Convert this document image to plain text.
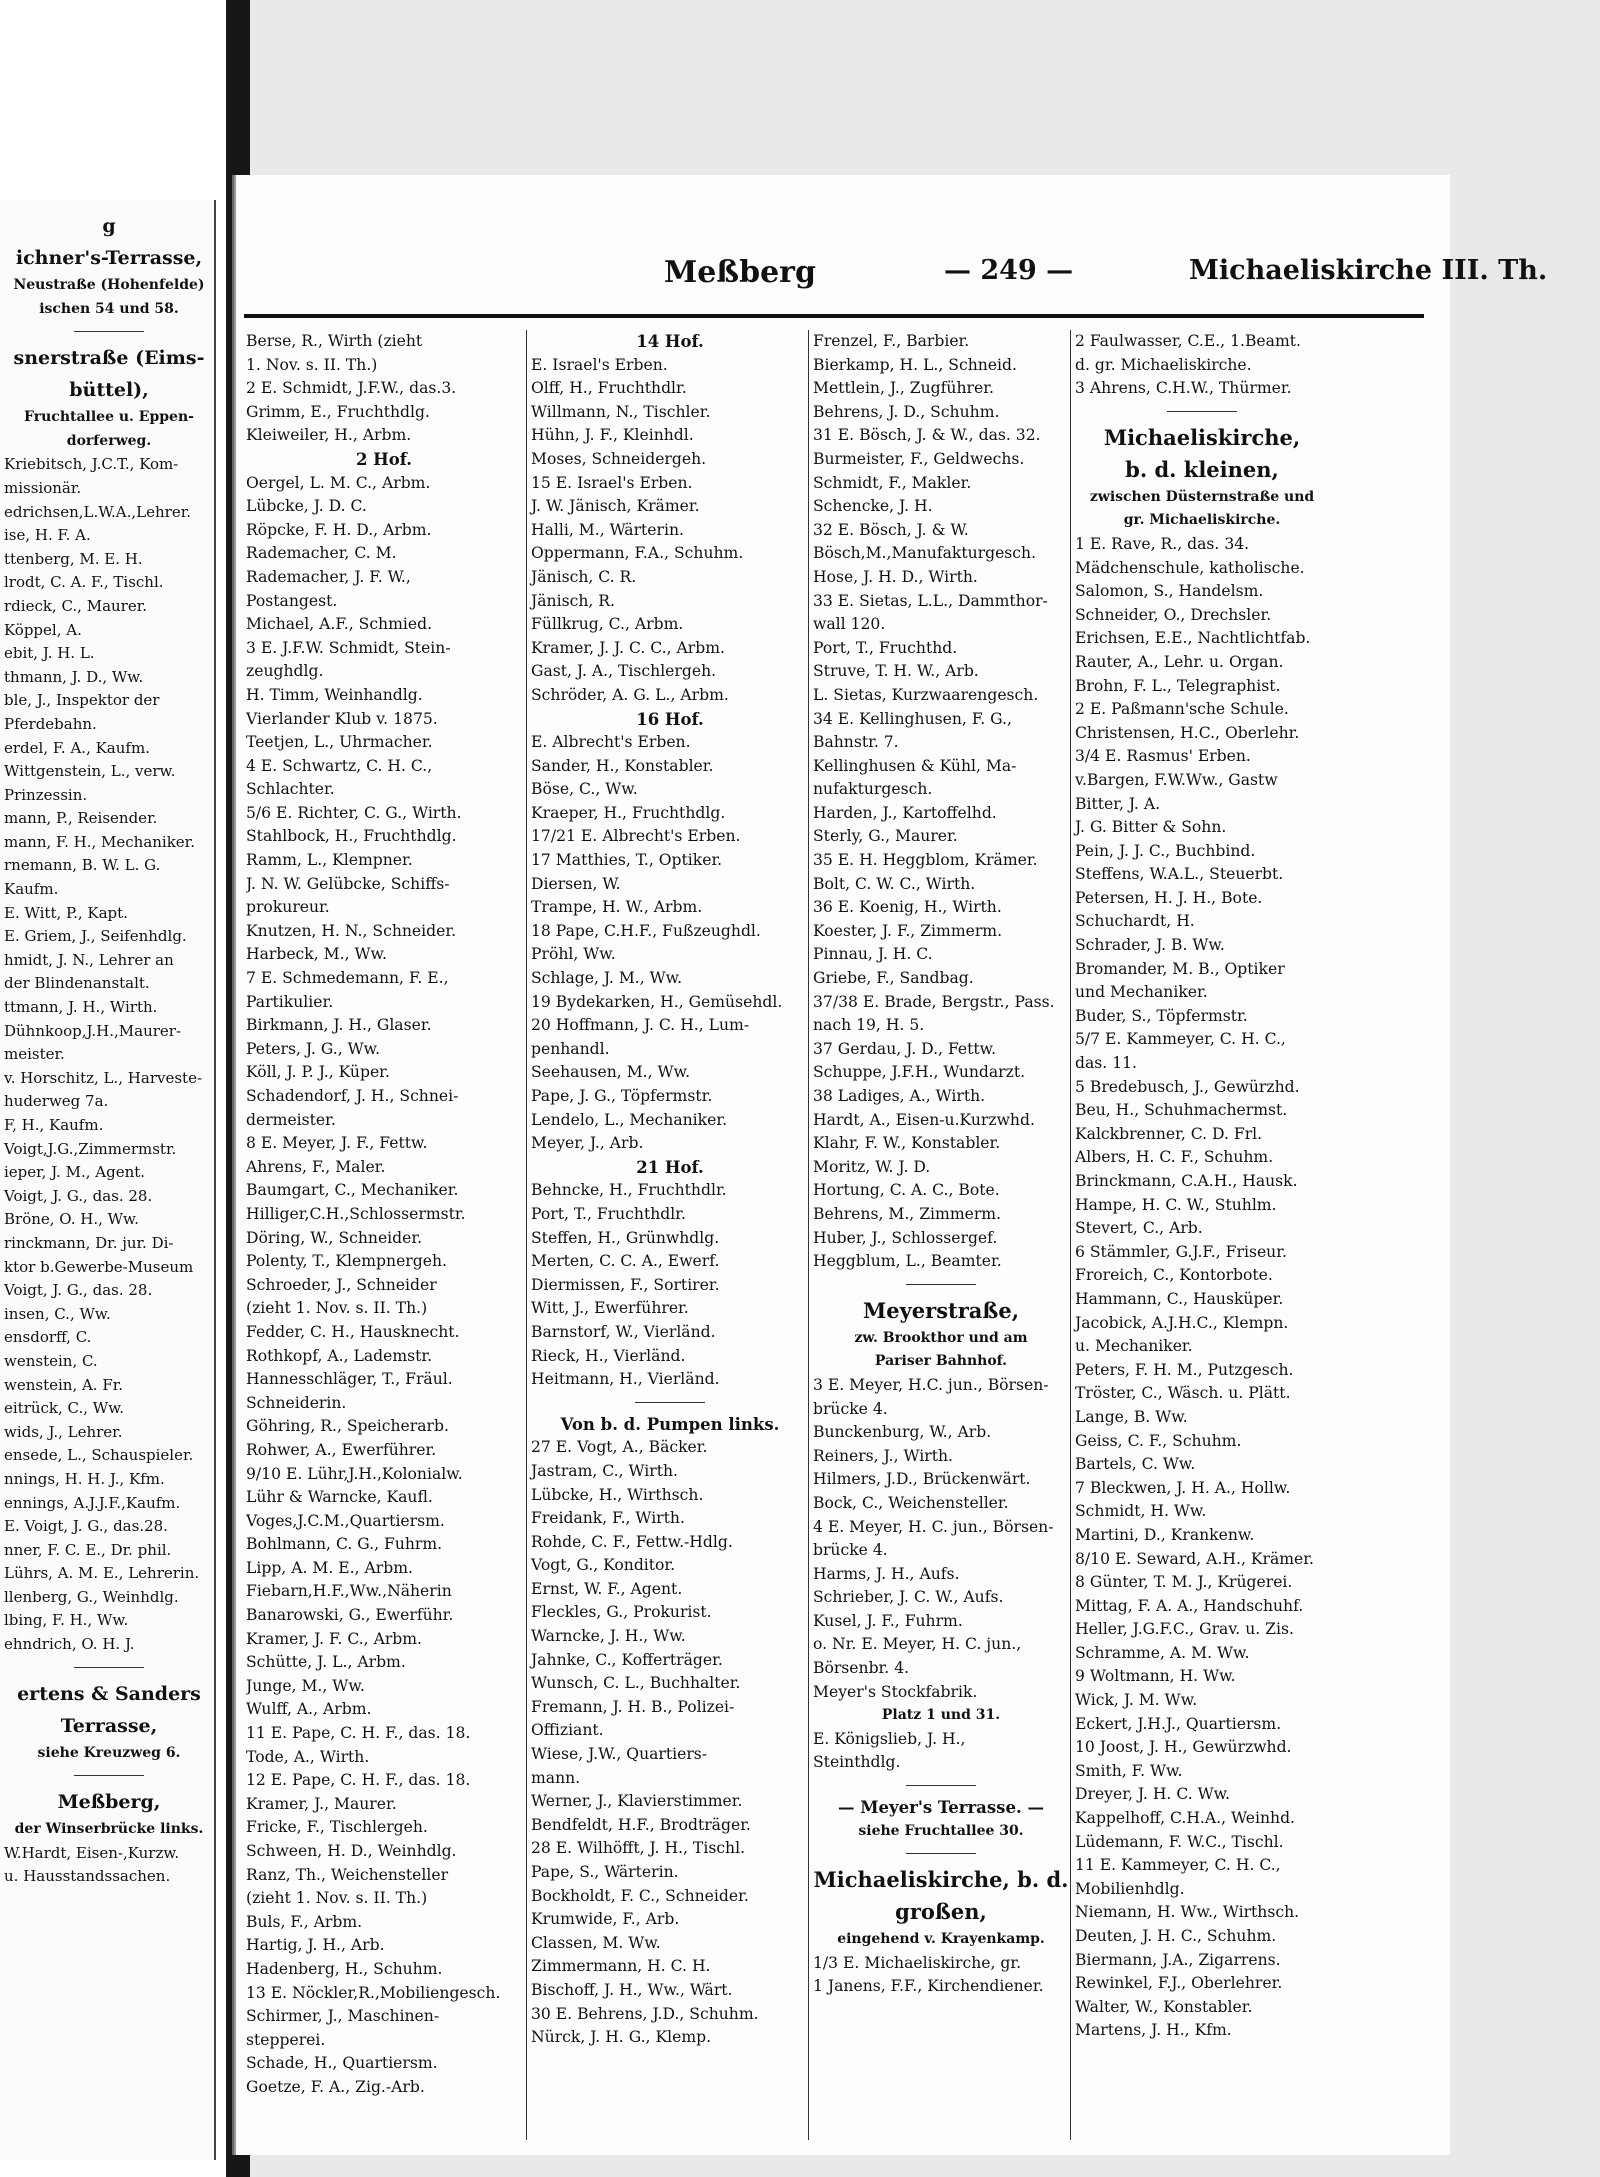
g
ichner's-Terrasse,
Neustraße (Hohenfelde)
ischen 54 und 58.
snerstraße (Eims-
büttel),
Fruchtallee u. Eppen-
dorferweg.
Kriebitsch, J.C.T., Kom-
missionär.
edrichsen,L.W.A.,Lehrer.
ise, H. F. A.
ttenberg, M. E. H.
lrodt, C. A. F., Tischl.
rdieck, C., Maurer.
Köppel, A.
ebit, J. H. L.
thmann, J. D., Ww.
ble, J., Inspektor der
Pferdebahn.
erdel, F. A., Kaufm.
Wittgenstein, L., verw.
Prinzessin.
mann, P., Reisender.
mann, F. H., Mechaniker.
rnemann, B. W. L. G.
Kaufm.
E. Witt, P., Kapt.
E. Griem, J., Seifenhdlg.
hmidt, J. N., Lehrer an
der Blindenanstalt.
ttmann, J. H., Wirth.
Dühnkoop,J.H.,Maurer-
meister.
v. Horschitz, L., Harveste-
huderweg 7a.
F, H., Kaufm.
Voigt,J.G.,Zimmermstr.
ieper, J. M., Agent.
Voigt, J. G., das. 28.
Bröne, O. H., Ww.
rinckmann, Dr. jur. Di-
ktor b.Gewerbe-Museum
Voigt, J. G., das. 28.
insen, C., Ww.
ensdorff, C.
wenstein, C.
wenstein, A. Fr.
eitrück, C., Ww.
wids, J., Lehrer.
ensede, L., Schauspieler.
nnings, H. H. J., Kfm.
ennings, A.J.J.F.,Kaufm.
E. Voigt, J. G., das.28.
nner, F. C. E., Dr. phil.
Lührs, A. M. E., Lehrerin.
llenberg, G., Weinhdlg.
lbing, F. H., Ww.
ehndrich, O. H. J.
ertens & Sanders
Terrasse,
siehe Kreuzweg 6.
Meßberg,
der Winserbrücke links.
W.Hardt, Eisen-,Kurzw.
u. Hausstandssachen.
Meßberg	— 249 —	Michaeliskirche III. Th.
Berse, R., Wirth (zieht
1. Nov. s. II. Th.)
2 E. Schmidt, J.F.W., das.3.
Grimm, E., Fruchthdlg.
Kleiweiler, H., Arbm.
2 Hof.
Oergel, L. M. C., Arbm.
Lübcke, J. D. C.
Röpcke, F. H. D., Arbm.
Rademacher, C. M.
Rademacher, J. F. W.,
Postangest.
Michael, A.F., Schmied.
3 E. J.F.W. Schmidt, Stein-
zeughdlg.
H. Timm, Weinhandlg.
Vierlander Klub v. 1875.
Teetjen, L., Uhrmacher.
4 E. Schwartz, C. H. C.,
Schlachter.
5/6 E. Richter, C. G., Wirth.
Stahlbock, H., Fruchthdlg.
Ramm, L., Klempner.
J. N. W. Gelübcke, Schiffs-
prokureur.
Knutzen, H. N., Schneider.
Harbeck, M., Ww.
7 E. Schmedemann, F. E.,
Partikulier.
Birkmann, J. H., Glaser.
Peters, J. G., Ww.
Köll, J. P. J., Küper.
Schadendorf, J. H., Schnei-
dermeister.
8 E. Meyer, J. F., Fettw.
Ahrens, F., Maler.
Baumgart, C., Mechaniker.
Hilliger,C.H.,Schlossermstr.
Döring, W., Schneider.
Polenty, T., Klempnergeh.
Schroeder, J., Schneider
(zieht 1. Nov. s. II. Th.)
Fedder, C. H., Hausknecht.
Rothkopf, A., Lademstr.
Hannesschläger, T., Fräul.
Schneiderin.
Göhring, R., Speicherarb.
Rohwer, A., Ewerführer.
9/10 E. Lühr,J.H.,Kolonialw.
Lühr & Warncke, Kaufl.
Voges,J.C.M.,Quartiersm.
Bohlmann, C. G., Fuhrm.
Lipp, A. M. E., Arbm.
Fiebarn,H.F.,Ww.,Näherin
Banarowski, G., Ewerführ.
Kramer, J. F. C., Arbm.
Schütte, J. L., Arbm.
Junge, M., Ww.
Wulff, A., Arbm.
11 E. Pape, C. H. F., das. 18.
Tode, A., Wirth.
12 E. Pape, C. H. F., das. 18.
Kramer, J., Maurer.
Fricke, F., Tischlergeh.
Schween, H. D., Weinhdlg.
Ranz, Th., Weichensteller
(zieht 1. Nov. s. II. Th.)
Buls, F., Arbm.
Hartig, J. H., Arb.
Hadenberg, H., Schuhm.
13 E. Nöckler,R.,Mobiliengesch.
Schirmer, J., Maschinen-
stepperei.
Schade, H., Quartiersm.
Goetze, F. A., Zig.-Arb.
14 Hof.
E. Israel's Erben.
Olff, H., Fruchthdlr.
Willmann, N., Tischler.
Hühn, J. F., Kleinhdl.
Moses, Schneidergeh.
15 E. Israel's Erben.
J. W. Jänisch, Krämer.
Halli, M., Wärterin.
Oppermann, F.A., Schuhm.
Jänisch, C. R.
Jänisch, R.
Füllkrug, C., Arbm.
Kramer, J. J. C. C., Arbm.
Gast, J. A., Tischlergeh.
Schröder, A. G. L., Arbm.
16 Hof.
E. Albrecht's Erben.
Sander, H., Konstabler.
Böse, C., Ww.
Kraeper, H., Fruchthdlg.
17/21 E. Albrecht's Erben.
17 Matthies, T., Optiker.
Diersen, W.
Trampe, H. W., Arbm.
18 Pape, C.H.F., Fußzeughdl.
Pröhl, Ww.
Schlage, J. M., Ww.
19 Bydekarken, H., Gemüsehdl.
20 Hoffmann, J. C. H., Lum-
penhandl.
Seehausen, M., Ww.
Pape, J. G., Töpfermstr.
Lendelo, L., Mechaniker.
Meyer, J., Arb.
21 Hof.
Behncke, H., Fruchthdlr.
Port, T., Fruchthdlr.
Steffen, H., Grünwhdlg.
Merten, C. C. A., Ewerf.
Diermissen, F., Sortirer.
Witt, J., Ewerführer.
Barnstorf, W., Vierländ.
Rieck, H., Vierländ.
Heitmann, H., Vierländ.
Von b. d. Pumpen links.
27 E. Vogt, A., Bäcker.
Jastram, C., Wirth.
Lübcke, H., Wirthsch.
Freidank, F., Wirth.
Rohde, C. F., Fettw.-Hdlg.
Vogt, G., Konditor.
Ernst, W. F., Agent.
Fleckles, G., Prokurist.
Warncke, J. H., Ww.
Jahnke, C., Kofferträger.
Wunsch, C. L., Buchhalter.
Fremann, J. H. B., Polizei-
Offiziant.
Wiese, J.W., Quartiers-
mann.
Werner, J., Klavierstimmer.
Bendfeldt, H.F., Brodträger.
28 E. Wilhöfft, J. H., Tischl.
Pape, S., Wärterin.
Bockholdt, F. C., Schneider.
Krumwide, F., Arb.
Classen, M. Ww.
Zimmermann, H. C. H.
Bischoff, J. H., Ww., Wärt.
30 E. Behrens, J.D., Schuhm.
Nürck, J. H. G., Klemp.
Frenzel, F., Barbier.
Bierkamp, H. L., Schneid.
Mettlein, J., Zugführer.
Behrens, J. D., Schuhm.
31 E. Bösch, J. & W., das. 32.
Burmeister, F., Geldwechs.
Schmidt, F., Makler.
Schencke, J. H.
32 E. Bösch, J. & W.
Bösch,M.,Manufakturgesch.
Hose, J. H. D., Wirth.
33 E. Sietas, L.L., Dammthor-
wall 120.
Port, T., Fruchthd.
Struve, T. H. W., Arb.
L. Sietas, Kurzwaarengesch.
34 E. Kellinghusen, F. G.,
Bahnstr. 7.
Kellinghusen & Kühl, Ma-
nufakturgesch.
Harden, J., Kartoffelhd.
Sterly, G., Maurer.
35 E. H. Heggblom, Krämer.
Bolt, C. W. C., Wirth.
36 E. Koenig, H., Wirth.
Koester, J. F., Zimmerm.
Pinnau, J. H. C.
Griebe, F., Sandbag.
37/38 E. Brade, Bergstr., Pass.
nach 19, H. 5.
37 Gerdau, J. D., Fettw.
Schuppe, J.F.H., Wundarzt.
38 Ladiges, A., Wirth.
Hardt, A., Eisen-u.Kurzwhd.
Klahr, F. W., Konstabler.
Moritz, W. J. D.
Hortung, C. A. C., Bote.
Behrens, M., Zimmerm.
Huber, J., Schlossergef.
Heggblum, L., Beamter.
Meyerstraße,
zw. Brookthor und am
Pariser Bahnhof.
3 E. Meyer, H.C. jun., Börsen-
brücke 4.
Bunckenburg, W., Arb.
Reiners, J., Wirth.
Hilmers, J.D., Brückenwärt.
Bock, C., Weichensteller.
4 E. Meyer, H. C. jun., Börsen-
brücke 4.
Harms, J. H., Aufs.
Schrieber, J. C. W., Aufs.
Kusel, J. F., Fuhrm.
o. Nr. E. Meyer, H. C. jun.,
Börsenbr. 4.
Meyer's Stockfabrik.
Platz 1 und 31.
E. Königslieb, J. H.,
Steinthdlg.
— Meyer's Terrasse. —
siehe Fruchtallee 30.
Michaeliskirche, b. d.
großen,
eingehend v. Krayenkamp.
1/3 E. Michaeliskirche, gr.
1 Janens, F.F., Kirchendiener.
2 Faulwasser, C.E., 1.Beamt.
d. gr. Michaeliskirche.
3 Ahrens, C.H.W., Thürmer.
Michaeliskirche,
b. d. kleinen,
zwischen Düsternstraße und
gr. Michaeliskirche.
1 E. Rave, R., das. 34.
Mädchenschule, katholische.
Salomon, S., Handelsm.
Schneider, O., Drechsler.
Erichsen, E.E., Nachtlichtfab.
Rauter, A., Lehr. u. Organ.
Brohn, F. L., Telegraphist.
2 E. Paßmann'sche Schule.
Christensen, H.C., Oberlehr.
3/4 E. Rasmus' Erben.
v.Bargen, F.W.Ww., Gastw
Bitter, J. A.
J. G. Bitter & Sohn.
Pein, J. J. C., Buchbind.
Steffens, W.A.L., Steuerbt.
Petersen, H. J. H., Bote.
Schuchardt, H.
Schrader, J. B. Ww.
Bromander, M. B., Optiker
und Mechaniker.
Buder, S., Töpfermstr.
5/7 E. Kammeyer, C. H. C.,
das. 11.
5 Bredebusch, J., Gewürzhd.
Beu, H., Schuhmachermst.
Kalckbrenner, C. D. Frl.
Albers, H. C. F., Schuhm.
Brinckmann, C.A.H., Hausk.
Hampe, H. C. W., Stuhlm.
Stevert, C., Arb.
6 Stämmler, G.J.F., Friseur.
Froreich, C., Kontorbote.
Hammann, C., Hausküper.
Jacobick, A.J.H.C., Klempn.
u. Mechaniker.
Peters, F. H. M., Putzgesch.
Tröster, C., Wäsch. u. Plätt.
Lange, B. Ww.
Geiss, C. F., Schuhm.
Bartels, C. Ww.
7 Bleckwen, J. H. A., Hollw.
Schmidt, H. Ww.
Martini, D., Krankenw.
8/10 E. Seward, A.H., Krämer.
8 Günter, T. M. J., Krügerei.
Mittag, F. A. A., Handschuhf.
Heller, J.G.F.C., Grav. u. Zis.
Schramme, A. M. Ww.
9 Woltmann, H. Ww.
Wick, J. M. Ww.
Eckert, J.H.J., Quartiersm.
10 Joost, J. H., Gewürzwhd.
Smith, F. Ww.
Dreyer, J. H. C. Ww.
Kappelhoff, C.H.A., Weinhd.
Lüdemann, F. W.C., Tischl.
11 E. Kammeyer, C. H. C.,
Mobilienhdlg.
Niemann, H. Ww., Wirthsch.
Deuten, J. H. C., Schuhm.
Biermann, J.A., Zigarrens.
Rewinkel, F.J., Oberlehrer.
Walter, W., Konstabler.
Martens, J. H., Kfm.
